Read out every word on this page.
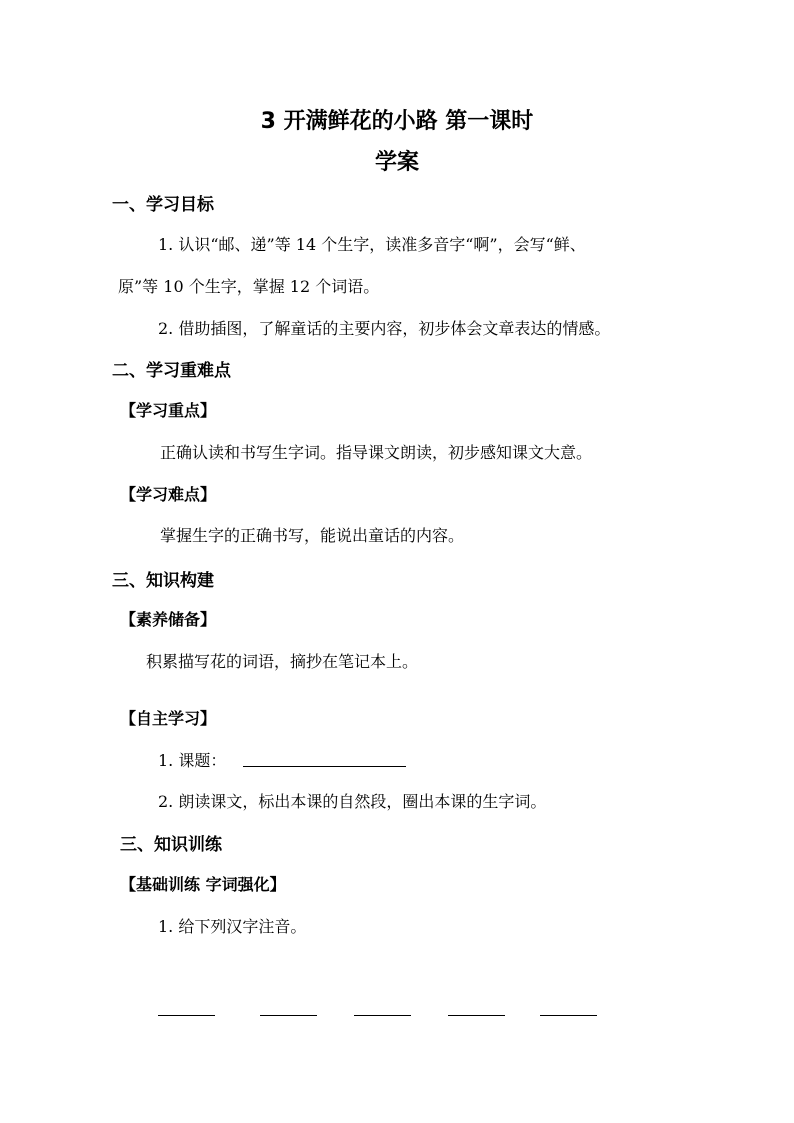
3 开满鲜花的小路 第一课时
学案
一、学习目标
1. 认识“邮、递”等 14 个生字，读准多音字“啊”，会写“鲜、
原”等 10 个生字，掌握 12 个词语。
2. 借助插图，了解童话的主要内容，初步体会文章表达的情感。
二、学习重难点
【学习重点】
正确认读和书写生字词。指导课文朗读，初步感知课文大意。
【学习难点】
掌握生字的正确书写，能说出童话的内容。
三、知识构建
【素养储备】
积累描写花的词语，摘抄在笔记本上。
【自主学习】
1. 课题：
2. 朗读课文，标出本课的自然段，圈出本课的生字词。
三、知识训练
【基础训练 字词强化】
1. 给下列汉字注音。
